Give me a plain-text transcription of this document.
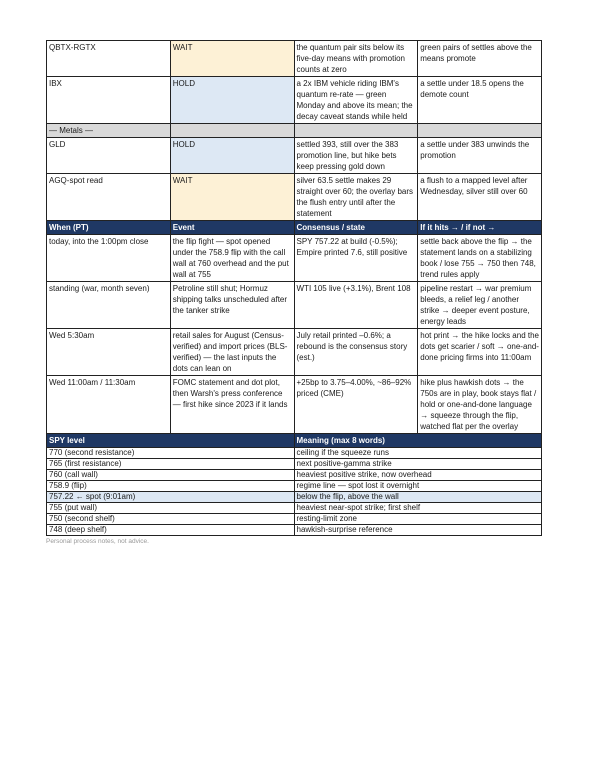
QBTX-RGTX	WAIT	the quantum pair sits below its five-day means with promotion counts at zero	green pairs of settles above the means promote
IBX	HOLD	a 2x IBM vehicle riding IBM's quantum re-rate — green Monday and above its mean; the decay caveat stands while held	a settle under 18.5 opens the demote count
— Metals —			
GLD	HOLD	settled 393, still over the 383 promotion line, but hike bets keep pressing gold down	a settle under 383 unwinds the promotion
AGQ-spot read	WAIT	silver 63.5 settle makes 29 straight over 60; the overlay bars the flush entry until after the statement	a flush to a mapped level after Wednesday, silver still over 60
When (PT)	Event	Consensus / state	If it hits → / if not →
today, into the 1:00pm close	the flip fight — spot opened under the 758.9 flip with the call wall at 760 overhead and the put wall at 755	SPY 757.22 at build (-0.5%); Empire printed 7.6, still positive	settle back above the flip → the statement lands on a stabilizing book / lose 755 → 750 then 748, trend rules apply
standing (war, month seven)	Petroline still shut; Hormuz shipping talks unscheduled after the tanker strike	WTI 105 live (+3.1%), Brent 108	pipeline restart → war premium bleeds, a relief leg / another strike → deeper event posture, energy leads
Wed 5:30am	retail sales for August (Census-verified) and import prices (BLS-verified) — the last inputs the dots can lean on	July retail printed –0.6%; a rebound is the consensus story (est.)	hot print → the hike locks and the dots get scarier / soft → one-and-done pricing firms into 11:00am
Wed 11:00am / 11:30am	FOMC statement and dot plot, then Warsh's press conference — first hike since 2023 if it lands	+25bp to 3.75–4.00%, ~86–92% priced (CME)	hike plus hawkish dots → the 750s are in play, book stays flat / hold or one-and-done language → squeeze through the flip, watched flat per the overlay
SPY level		Meaning (max 8 words)	
770 (second resistance)		ceiling if the squeeze runs	
765 (first resistance)		next positive-gamma strike	
760 (call wall)		heaviest positive strike, now overhead	
758.9 (flip)		regime line — spot lost it overnight	
757.22 ← spot (9:01am)		below the flip, above the wall	
755 (put wall)		heaviest near-spot strike; first shelf	
750 (second shelf)		resting-limit zone	
748 (deep shelf)		hawkish-surprise reference	
Personal process notes, not advice.
